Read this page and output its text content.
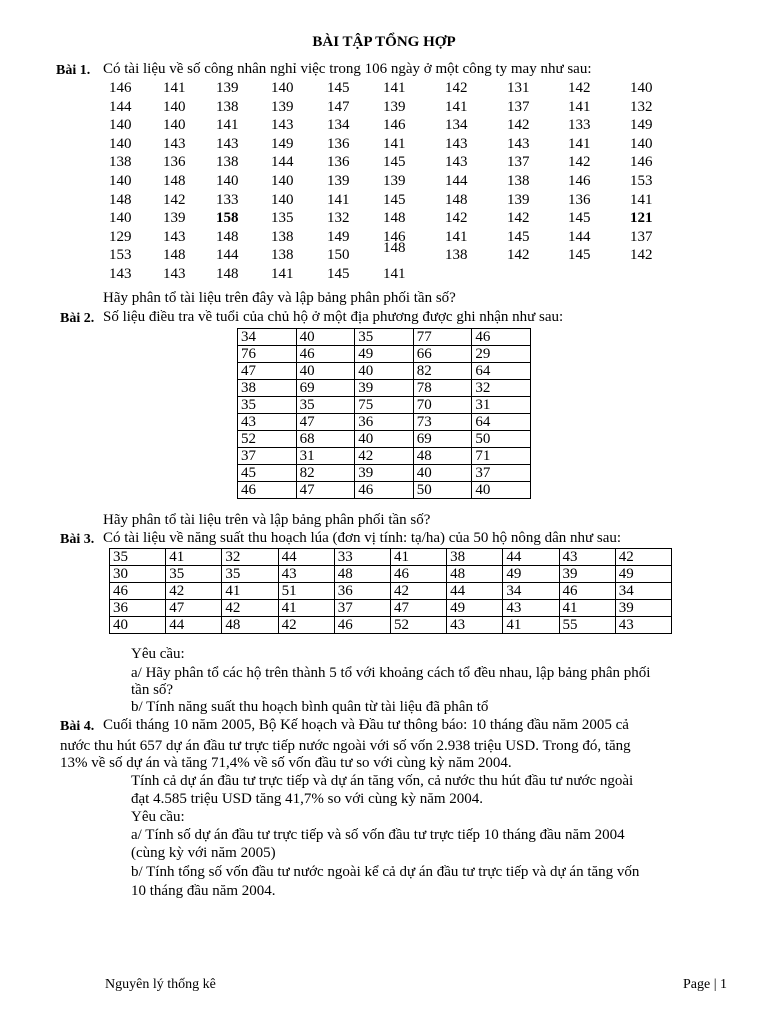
BÀI TẬP TỔNG HỢP
Bài 1. Có tài liệu về số công nhân nghỉ việc trong 106 ngày ở một công ty may như sau:
146 141 139 140 145 141	142	131	142	140
144 140 138 139 147 139	141	137	141	132
140 140 141 143 134 146	134	142	133	149
140 143 143 149 136 141	143	143	141	140
138 136 138 144 136 145	143	137	142	146
140 148 140 140 139 139	144	138	146	153
148 142 133 140 141 145	148	139	136	141
140 139 158 135 132 148	142	142	145	121
129 143 148 138 149 146	141	145	144	137
153 148 144 138 150 148	138	142	145	142
143 143 148 141 145 141
Hãy phân tổ tài liệu trên đây và lập bảng phân phối tần số?
Bài 2. Số liệu điều tra về tuổi của chủ hộ ở một địa phương được ghi nhận như sau:
34	40	35	77	46
76	46	49	66	29
47	40	40	82	64
38	69	39	78	32
35	35	75	70	31
43	47	36	73	64
52	68	40	69	50
37	31	42	48	71
45	82	39	40	37
46	47	46	50	40
Hãy phân tổ tài liệu trên và lập bảng phân phối tần số?
Bài 3. Có tài liệu về năng suất thu hoạch lúa (đơn vị tính: tạ/ha) của 50 hộ nông dân như sau:
35	41	32	44	33	41	38	44	43	42
30	35	35	43	48	46	48	49	39	49
46	42	41	51	36	42	44	34	46	34
36	47	42	41	37	47	49	43	41	39
40	44	48	42	46	52	43	41	55	43
Yêu cầu:
a/ Hãy phân tổ các hộ trên thành 5 tổ với khoảng cách tổ đều nhau, lập bảng phân phối
tần số?
b/ Tính năng suất thu hoạch bình quân từ tài liệu đã phân tổ
Bài 4. Cuối tháng 10 năm 2005, Bộ Kế hoạch và Đầu tư thông báo: 10 tháng đầu năm 2005 cả
nước thu hút 657 dự án đầu tư trực tiếp nước ngoài với số vốn 2.938 triệu USD. Trong đó, tăng
13% về số dự án và tăng 71,4% về số vốn đầu tư so với cùng kỳ năm 2004.
Tính cả dự án đầu tư trực tiếp và dự án tăng vốn, cả nước thu hút đầu tư nước ngoài
đạt 4.585 triệu USD tăng 41,7% so với cùng kỳ năm 2004.
Yêu cầu:
a/ Tính số dự án đầu tư trực tiếp và số vốn đầu tư trực tiếp 10 tháng đầu năm 2004
(cùng kỳ với năm 2005)
b/ Tính tổng số vốn đầu tư nước ngoài kể cả dự án đầu tư trực tiếp và dự án tăng vốn
10 tháng đầu năm 2004.
Nguyên lý thống kê	Page | 1
